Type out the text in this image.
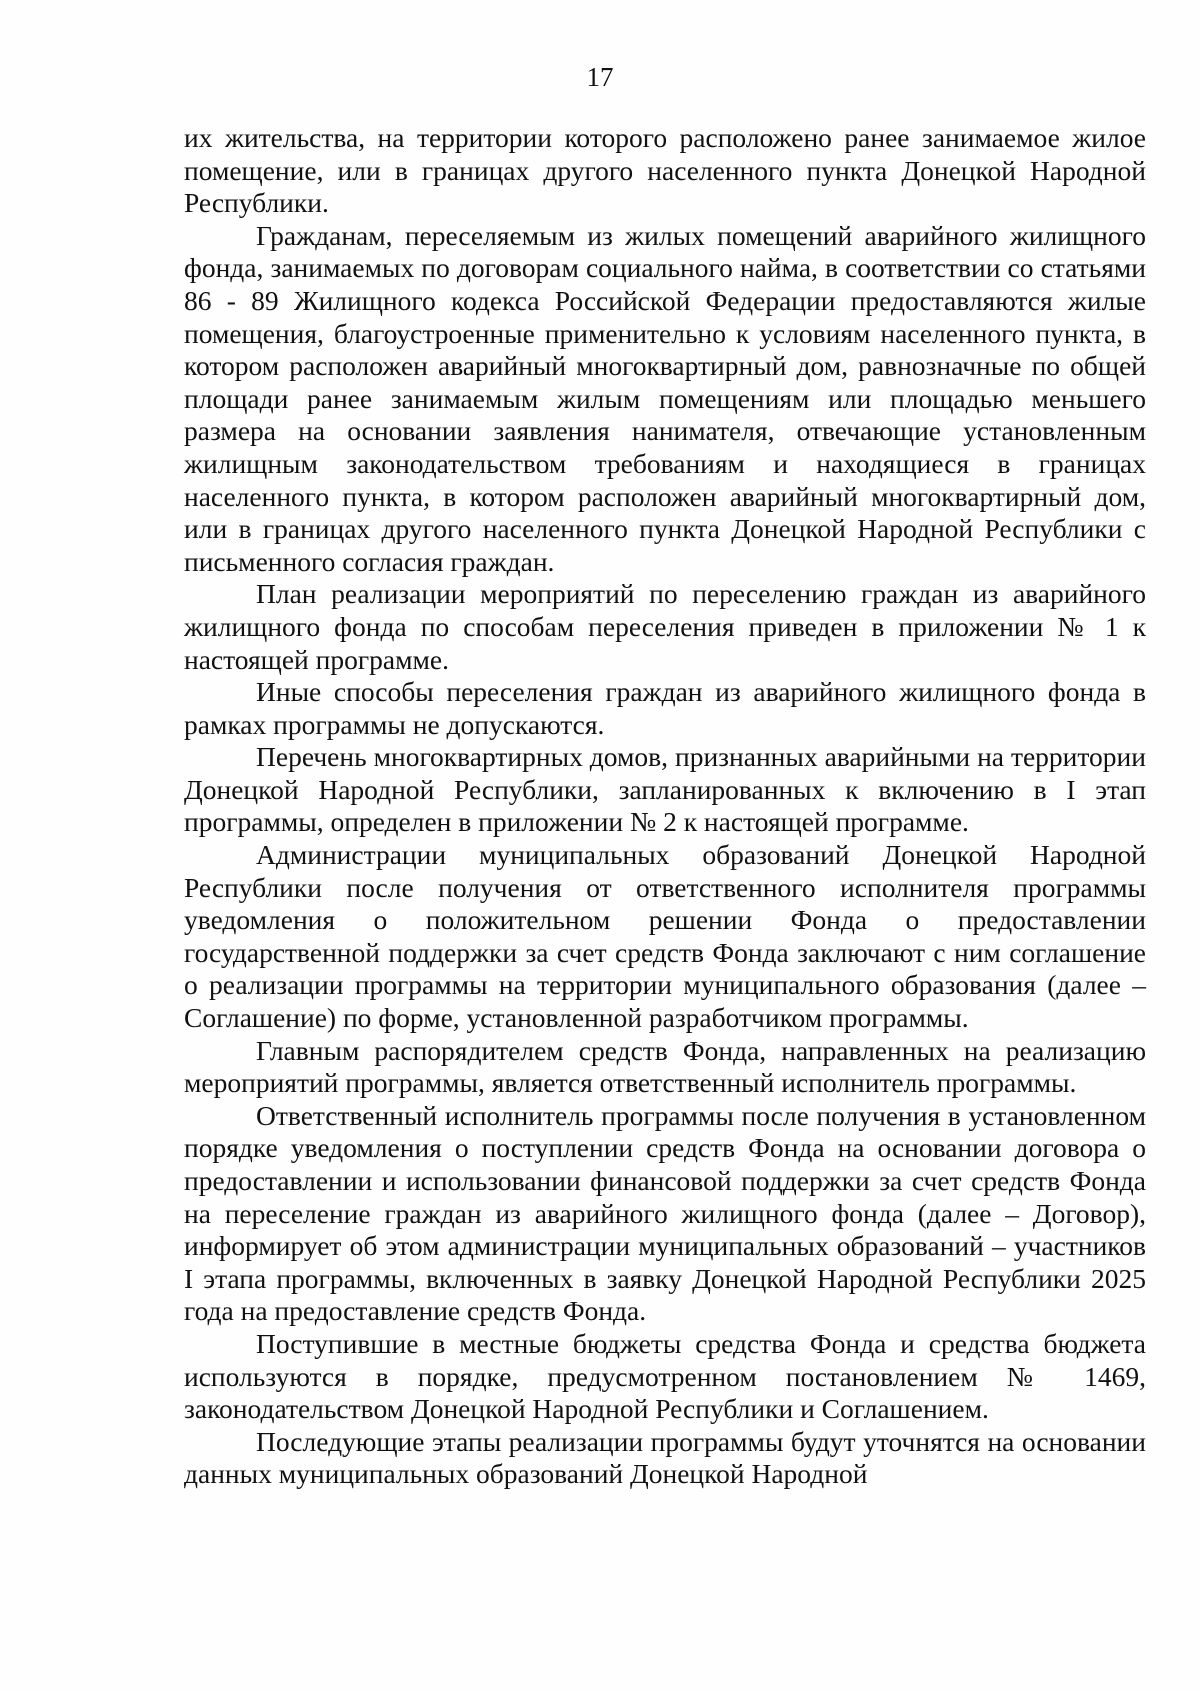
17

их жительства, на территории которого расположено ранее занимаемое жилое помещение, или в границах другого населенного пункта Донецкой Народной Республики.

Гражданам, переселяемым из жилых помещений аварийного жилищного фонда, занимаемых по договорам социального найма, в соответствии со статьями 86 - 89 Жилищного кодекса Российской Федерации предоставляются жилые помещения, благоустроенные применительно к условиям населенного пункта, в котором расположен аварийный многоквартирный дом, равнозначные по общей площади ранее занимаемым жилым помещениям или площадью меньшего размера на основании заявления нанимателя, отвечающие установленным жилищным законодательством требованиям и находящиеся в границах населенного пункта, в котором расположен аварийный многоквартирный дом, или в границах другого населенного пункта Донецкой Народной Республики с письменного согласия граждан.

План реализации мероприятий по переселению граждан из аварийного жилищного фонда по способам переселения приведен в приложении № 1 к настоящей программе.

Иные способы переселения граждан из аварийного жилищного фонда в рамках программы не допускаются.

Перечень многоквартирных домов, признанных аварийными на территории Донецкой Народной Республики, запланированных к включению в I этап программы, определен в приложении № 2 к настоящей программе.

Администрации муниципальных образований Донецкой Народной Республики после получения от ответственного исполнителя программы уведомления о положительном решении Фонда о предоставлении государственной поддержки за счет средств Фонда заключают с ним соглашение о реализации программы на территории муниципального образования (далее – Соглашение) по форме, установленной разработчиком программы.

Главным распорядителем средств Фонда, направленных на реализацию мероприятий программы, является ответственный исполнитель программы.

Ответственный исполнитель программы после получения в установленном порядке уведомления о поступлении средств Фонда на основании договора о предоставлении и использовании финансовой поддержки за счет средств Фонда на переселение граждан из аварийного жилищного фонда (далее – Договор), информирует об этом администрации муниципальных образований – участников I этапа программы, включенных в заявку Донецкой Народной Республики 2025 года на предоставление средств Фонда.

Поступившие в местные бюджеты средства Фонда и средства бюджета используются в порядке, предусмотренном постановлением № 1469, законодательством Донецкой Народной Республики и Соглашением.

Последующие этапы реализации программы будут уточнятся на основании данных муниципальных образований Донецкой Народной
